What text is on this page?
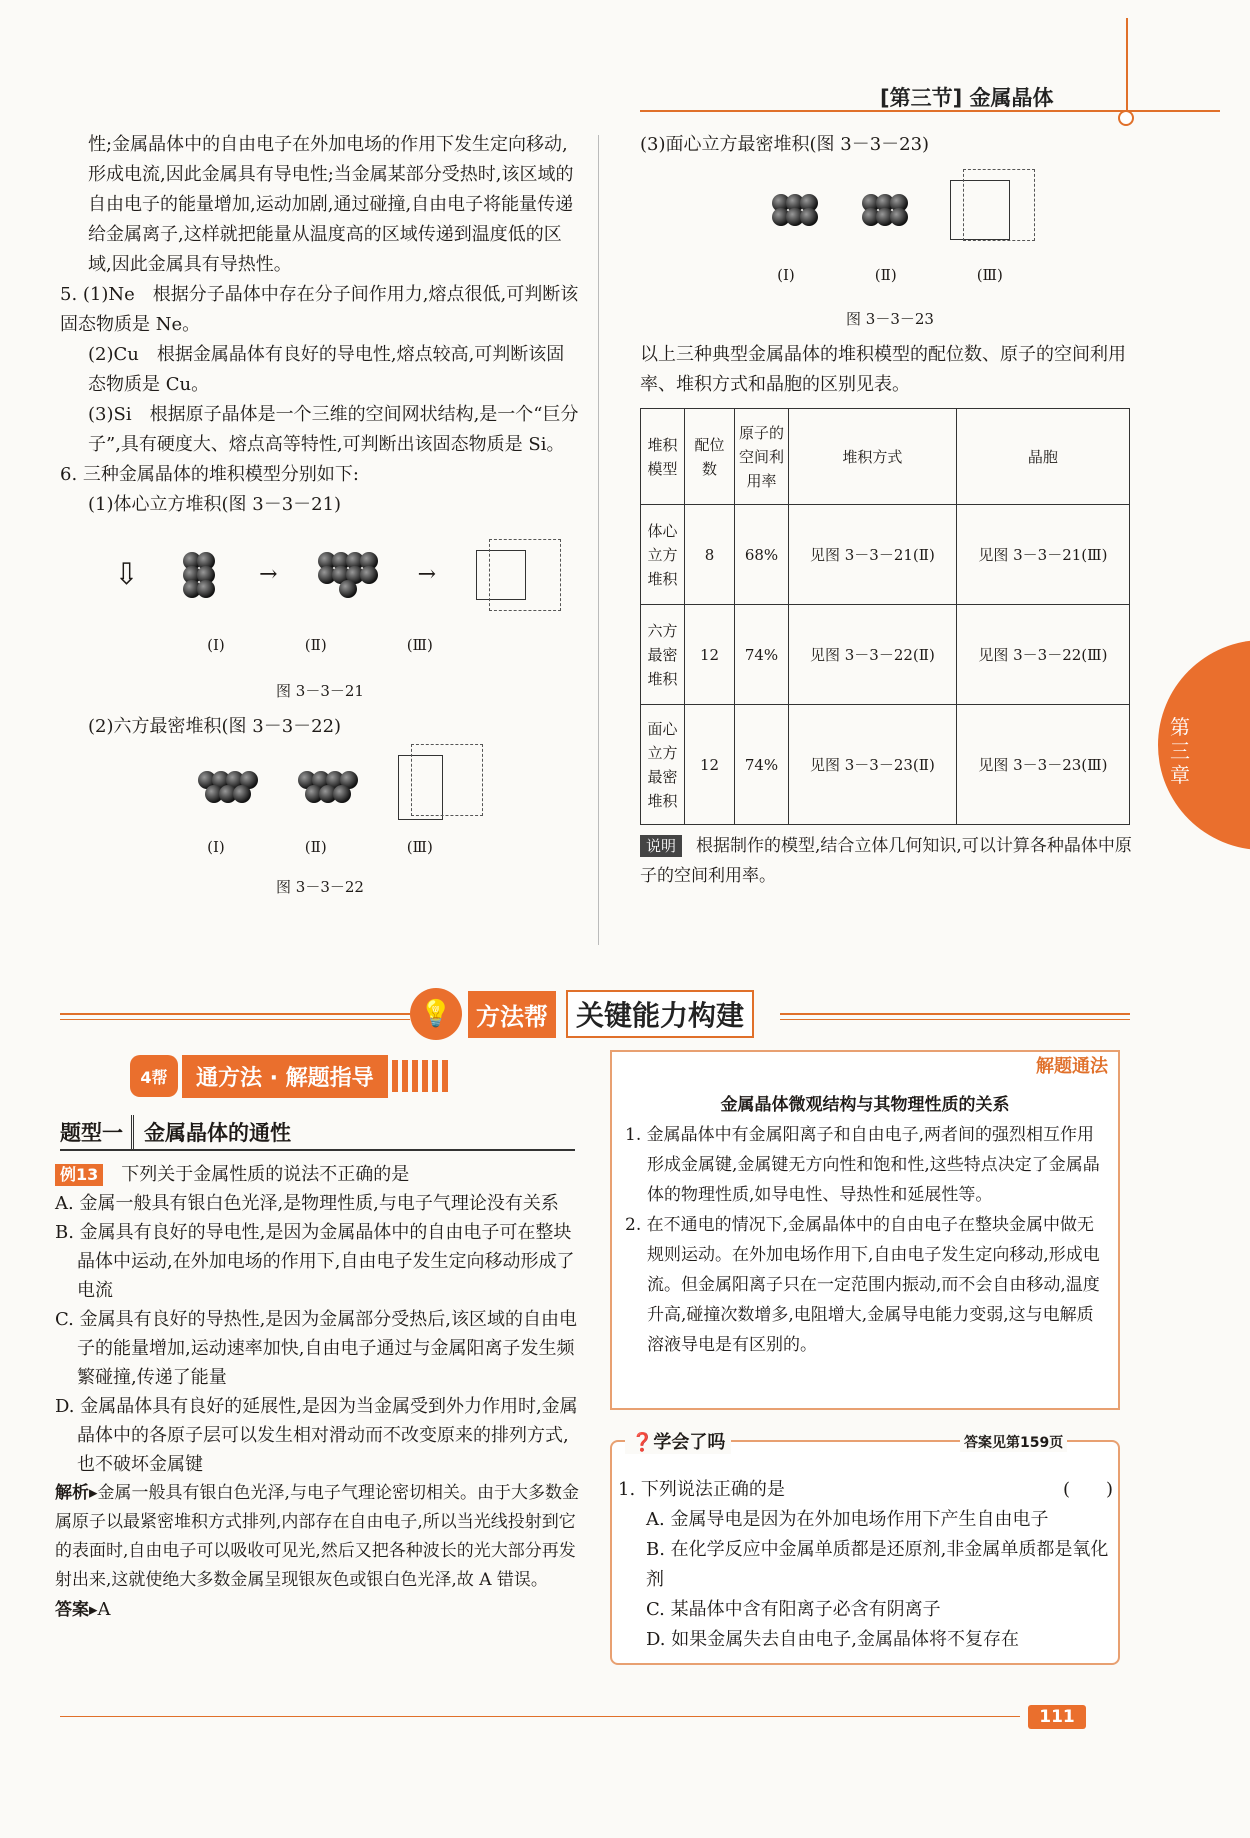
[第三节] 金属晶体
第三章

性;金属晶体中的自由电子在外加电场的作用下发生定向移动,形成电流,因此金属具有导电性;当金属某部分受热时,该区域的自由电子的能量增加,运动加剧,通过碰撞,自由电子将能量传递给金属离子,这样就把能量从温度高的区域传递到温度低的区域,因此金属具有导热性。

5. (1)Ne　根据分子晶体中存在分子间作用力,熔点很低,可判断该固态物质是 Ne。

(2)Cu　根据金属晶体有良好的导电性,熔点较高,可判断该固态物质是 Cu。

(3)Si　根据原子晶体是一个三维的空间网状结构,是一个“巨分子”,具有硬度大、熔点高等特性,可判断出该固态物质是 Si。

6. 三种金属晶体的堆积模型分别如下:

(1)体心立方堆积(图 3－3－21)

⇩	→	→
(Ⅰ)	(Ⅱ)	(Ⅲ)
图 3－3－21

(2)六方最密堆积(图 3－3－22)

(Ⅰ)	(Ⅱ)	(Ⅲ)
图 3－3－22

(3)面心立方最密堆积(图 3－3－23)

(Ⅰ)	(Ⅱ)	(Ⅲ)
图 3－3－23

以上三种典型金属晶体的堆积模型的配位数、原子的空间利用率、堆积方式和晶胞的区别见表。

堆积模型	配位数	原子的空间利用率	堆积方式	晶胞
体心立方堆积	8	68%	见图 3－3－21(Ⅱ)	见图 3－3－21(Ⅲ)
六方最密堆积	12	74%	见图 3－3－22(Ⅱ)	见图 3－3－22(Ⅲ)
面心立方最密堆积	12	74%	见图 3－3－23(Ⅱ)	见图 3－3－23(Ⅲ)

说明 根据制作的模型,结合立体几何知识,可以计算各种晶体中原子的空间利用率。

💡 方法帮	关键能力构建
4帮	通方法 · 解题指导
题型一 金属晶体的通性

例13 下列关于金属性质的说法不正确的是

A. 金属一般具有银白色光泽,是物理性质,与电子气理论没有关系

B. 金属具有良好的导电性,是因为金属晶体中的自由电子可在整块晶体中运动,在外加电场的作用下,自由电子发生定向移动形成了电流

C. 金属具有良好的导热性,是因为金属部分受热后,该区域的自由电子的能量增加,运动速率加快,自由电子通过与金属阳离子发生频繁碰撞,传递了能量

D. 金属晶体具有良好的延展性,是因为当金属受到外力作用时,金属晶体中的各原子层可以发生相对滑动而不改变原来的排列方式,也不破坏金属键

解析▸金属一般具有银白色光泽,与电子气理论密切相关。由于大多数金属原子以最紧密堆积方式排列,内部存在自由电子,所以当光线投射到它的表面时,自由电子可以吸收可见光,然后又把各种波长的光大部分再发射出来,这就使绝大多数金属呈现银灰色或银白色光泽,故 A 错误。

答案▸A

解题通法

金属晶体微观结构与其物理性质的关系

1. 金属晶体中有金属阳离子和自由电子,两者间的强烈相互作用形成金属键,金属键无方向性和饱和性,这些特点决定了金属晶体的物理性质,如导电性、导热性和延展性等。

2. 在不通电的情况下,金属晶体中的自由电子在整块金属中做无规则运动。在外加电场作用下,自由电子发生定向移动,形成电流。但金属阳离子只在一定范围内振动,而不会自由移动,温度升高,碰撞次数增多,电阻增大,金属导电能力变弱,这与电解质溶液导电是有区别的。

❓学会了吗	答案见第159页

1. 下列说法正确的是	(　　)

A. 金属导电是因为在外加电场作用下产生自由电子

B. 在化学反应中金属单质都是还原剂,非金属单质都是氧化剂

C. 某晶体中含有阳离子必含有阴离子

D. 如果金属失去自由电子,金属晶体将不复存在

111
